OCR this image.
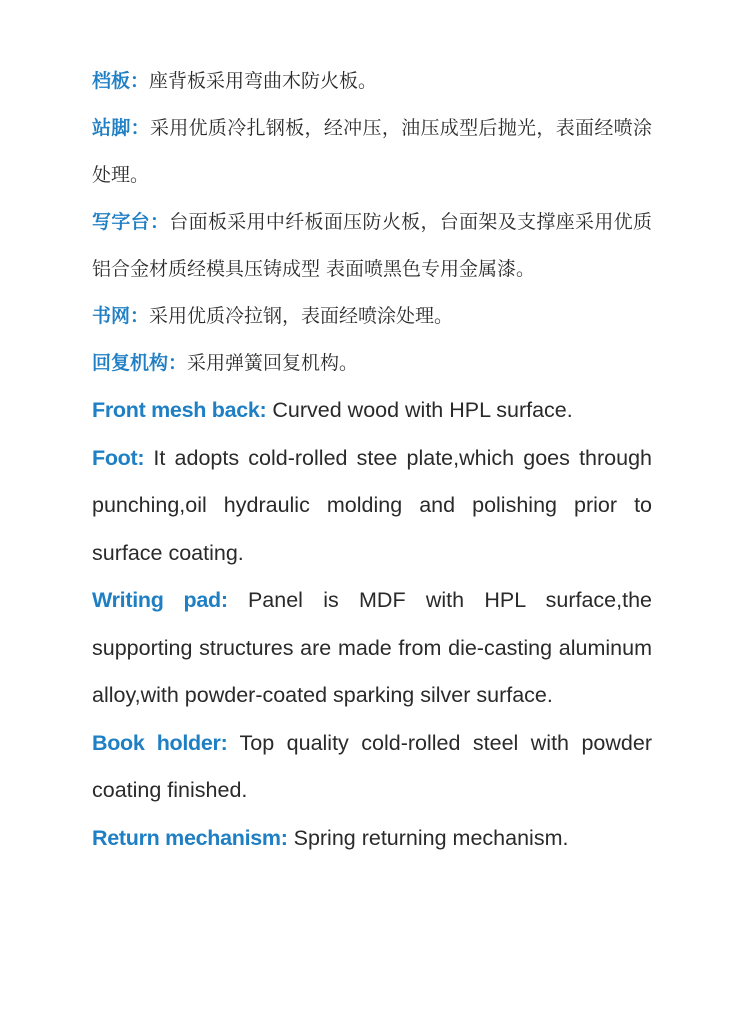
档板：座背板采用弯曲木防火板。

站脚：采用优质冷扎钢板，经冲压，油压成型后抛光，表面经喷涂处理。

写字台：台面板采用中纤板面压防火板，台面架及支撑座采用优质铝合金材质经模具压铸成型 表面喷黑色专用金属漆。

书网：采用优质冷拉钢，表面经喷涂处理。

回复机构：采用弹簧回复机构。

Front mesh back: Curved wood with HPL surface.

Foot: It adopts cold-rolled stee plate,which goes through punching,oil hydraulic molding and polishing prior to surface coating.

Writing pad: Panel is MDF with HPL surface,the supporting structures are made from die-casting aluminum alloy,with powder-coated sparking silver surface.

Book holder: Top quality cold-rolled steel with powder coating finished.

Return mechanism: Spring returning mechanism.
